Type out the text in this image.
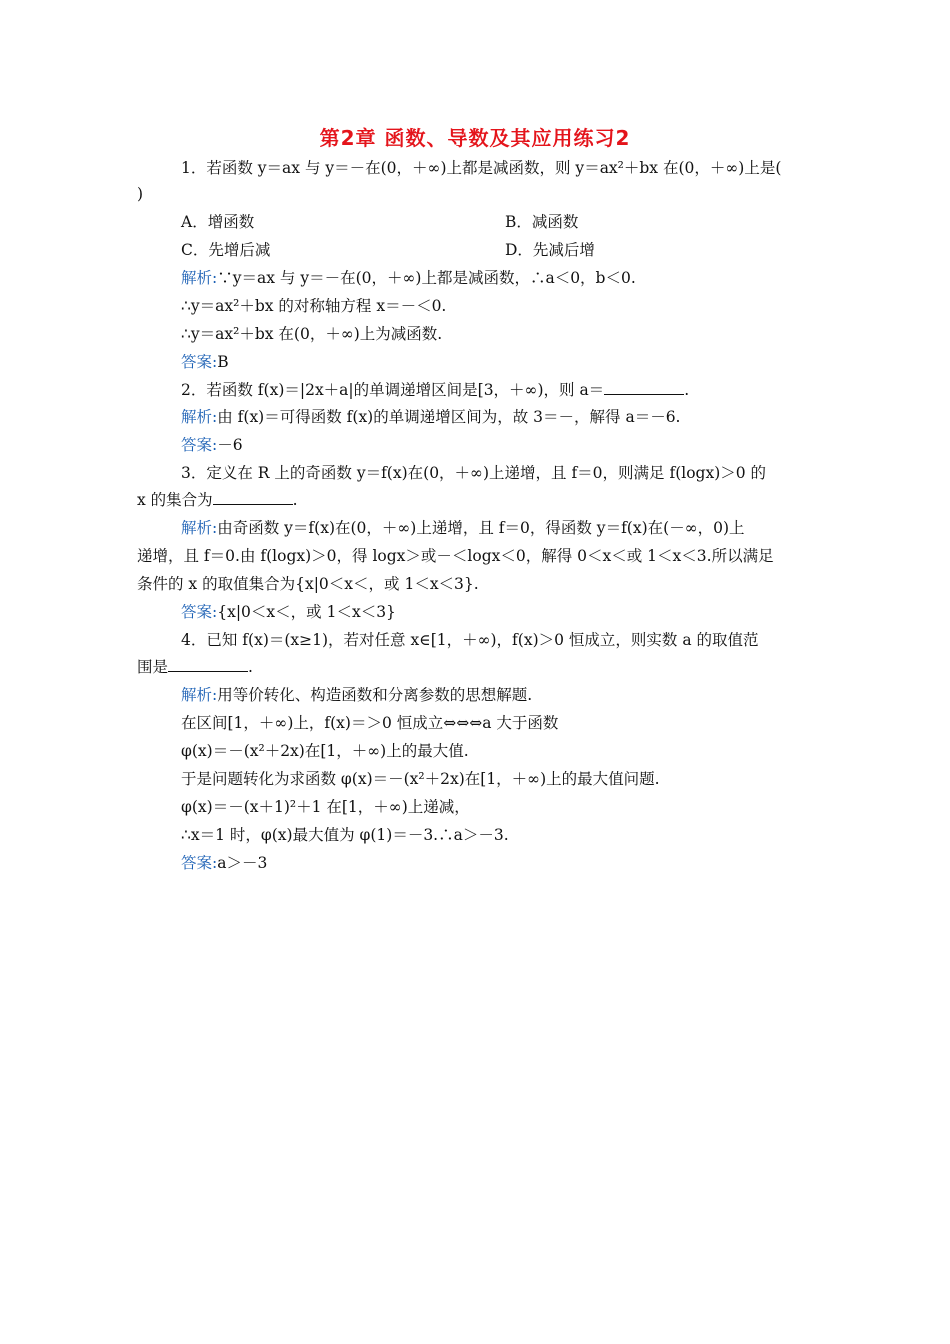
第2章 函数、导数及其应用练习2
1．若函数 y＝ax 与 y＝－在(0，＋∞)上都是减函数，则 y＝ax²＋bx 在(0，＋∞)上是(
)
A．增函数	B．减函数
C．先增后减	D．先减后增
解析:∵y＝ax 与 y＝－在(0，＋∞)上都是减函数，∴a＜0，b＜0.
∴y＝ax²＋bx 的对称轴方程 x＝－＜0.
∴y＝ax²＋bx 在(0，＋∞)上为减函数.
答案:B
2．若函数 f(x)＝|2x＋a|的单调递增区间是[3，＋∞)，则 a＝	.
解析:由 f(x)＝可得函数 f(x)的单调递增区间为，故 3＝－，解得 a＝－6.
答案:－6
3．定义在 R 上的奇函数 y＝f(x)在(0，＋∞)上递增，且 f＝0，则满足 f(logx)＞0 的
x 的集合为	.
解析:由奇函数 y＝f(x)在(0，＋∞)上递增，且 f＝0，得函数 y＝f(x)在(－∞，0)上
递增，且 f＝0.由 f(logx)＞0，得 logx＞或－＜logx＜0，解得 0＜x＜或 1＜x＜3.所以满足
条件的 x 的取值集合为{x|0＜x＜，或 1＜x＜3}.
答案:{x|0＜x＜，或 1＜x＜3}
4．已知 f(x)＝(x≥1)，若对任意 x∈[1，＋∞)，f(x)＞0 恒成立，则实数 a 的取值范
围是	.
解析:用等价转化、构造函数和分离参数的思想解题.
在区间[1，＋∞)上，f(x)＝＞0 恒成立⇔⇔⇔a 大于函数
φ(x)＝－(x²＋2x)在[1，＋∞)上的最大值.
于是问题转化为求函数 φ(x)＝－(x²＋2x)在[1，＋∞)上的最大值问题.
φ(x)＝－(x＋1)²＋1 在[1，＋∞)上递减，
∴x＝1 时，φ(x)最大值为 φ(1)＝－3.∴a＞－3.
答案:a＞－3
